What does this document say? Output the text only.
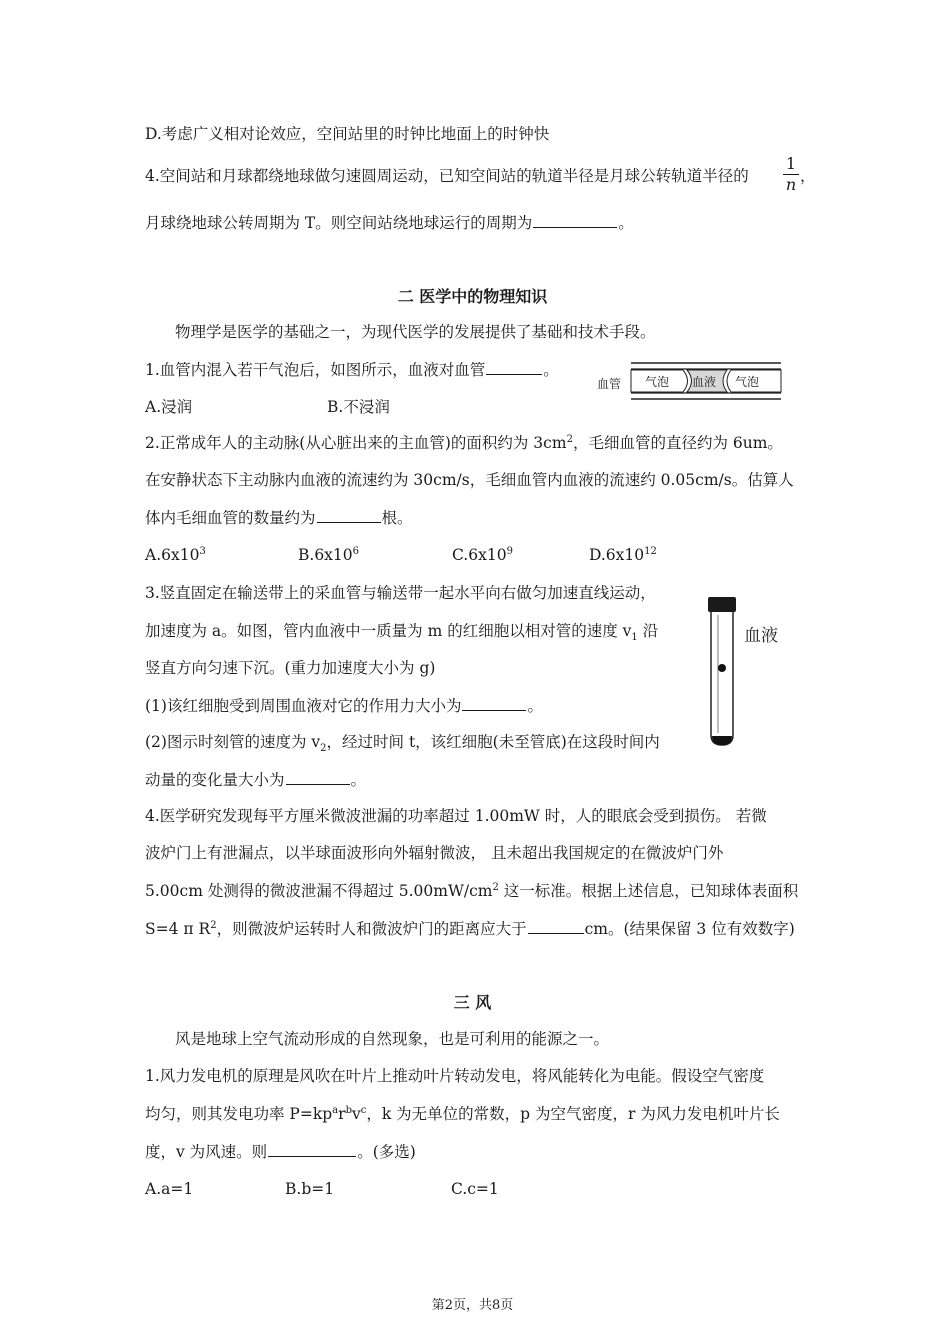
D.考虑广义相对论效应，空间站里的时钟比地面上的时钟快
4.空间站和月球都绕地球做匀速圆周运动，已知空间站的轨道半径是月球公转轨道半径的
1
n ，
月球绕地球公转周期为 T。则空间站绕地球运行的周期为	。
二 医学中的物理知识
物理学是医学的基础之一，为现代医学的发展提供了基础和技术手段。
1.血管内混入若干气泡后，如图所示，血液对血管	。
血管 气泡 血液 气泡
A.浸润	B.不浸润
2.正常成年人的主动脉(从心脏出来的主血管)的面积约为 $3cm^2$，毛细血管的直径约为 6um。
在安静状态下主动脉内血液的流速约为 30cm/s，毛细血管内血液的流速约 0.05cm/s。估算人
体内毛细血管的数量约为	根。
$A.6x10^3$	$B.6x10^6$	$C.6x10^9$	$D.6x10^{12}$
3.竖直固定在输送带上的采血管与输送带一起水平向右做匀加速直线运动，
加速度为 a。如图，管内血液中一质量为 m 的红细胞以相对管的速度 $v_1$ 沿
竖直方向匀速下沉。(重力加速度大小为 g)
(1)该红细胞受到周围血液对它的作用力大小为	。
(2)图示时刻管的速度为 $v_2$，经过时间 t，该红细胞(未至管底)在这段时间内
动量的变化量大小为	。
血液
4.医学研究发现每平方厘米微波泄漏的功率超过 1.00mW 时，人的眼底会受到损伤。 若微
波炉门上有泄漏点，以半球面波形向外辐射微波， 且未超出我国规定的在微波炉门外
5.00cm 处测得的微波泄漏不得超过 $5.00mW/cm^2$ 这一标准。根据上述信息，已知球体表面积
S=4 π $R^2$，则微波炉运转时人和微波炉门的距离应大于	cm。(结果保留 3 位有效数字)
三 风
风是地球上空气流动形成的自然现象，也是可利用的能源之一。
1.风力发电机的原理是风吹在叶片上推动叶片转动发电，将风能转化为电能。假设空气密度
均匀，则其发电功率 $P=kp^ar^bv^c$，k 为无单位的常数，p 为空气密度，r 为风力发电机叶片长
度，v 为风速。则	。(多选)
A.a=1	B.b=1	C.c=1
第2页，共8页
